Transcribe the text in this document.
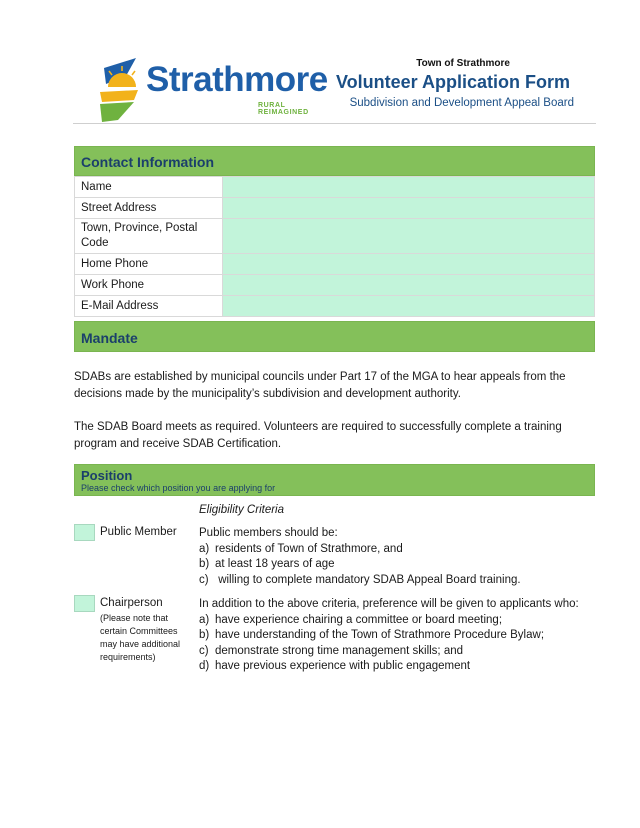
Strathmore
RURAL REIMAGINED
Town of Strathmore
Volunteer Application Form
Subdivision and Development Appeal Board
Contact Information
Name	
Street Address	
Town, Province, Postal Code	
Home Phone	
Work Phone	
E-Mail Address	
Mandate

SDABs are established by municipal councils under Part 17 of the MGA to hear appeals from the decisions made by the municipality’s subdivision and development authority.

The SDAB Board meets as required. Volunteers are required to successfully complete a training program and receive SDAB Certification.

Position
Please check which position you are applying for
Eligibility Criteria
Public Member Public members should be:
a) residents of Town of Strathmore, and
b) at least 18 years of age
c) willing to complete mandatory SDAB Appeal Board training.
Chairperson
(Please note that certain Committees may have additional requirements)
In addition to the above criteria, preference will be given to applicants who:
a) have experience chairing a committee or board meeting;
b) have understanding of the Town of Strathmore Procedure Bylaw;
c) demonstrate strong time management skills; and
d) have previous experience with public engagement
